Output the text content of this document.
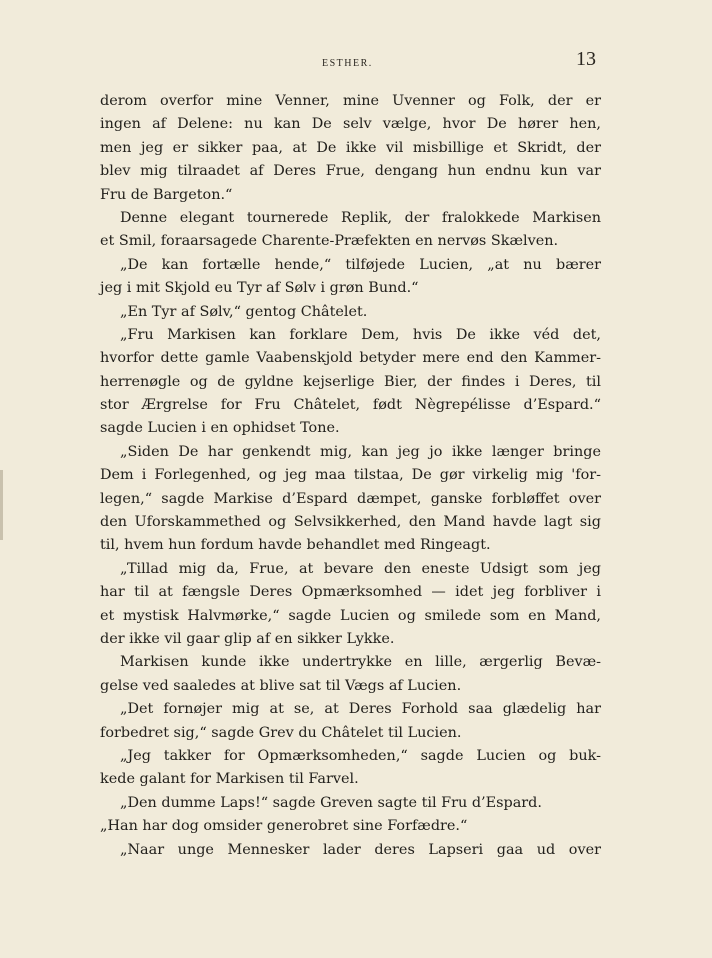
ESTHER.	13
derom overfor mine Venner, mine Uvenner og Folk, der er
ingen af Delene: nu kan De selv vælge, hvor De hører hen,
men jeg er sikker paa, at De ikke vil misbillige et Skridt, der
blev mig tilraadet af Deres Frue, dengang hun endnu kun var
Fru de Bargeton.“
Denne elegant tournerede Replik, der fralokkede Markisen
et Smil, foraarsagede Charente-Præfekten en nervøs Skælven.
„De kan fortælle hende,“ tilføjede Lucien, „at nu bærer
jeg i mit Skjold eu Tyr af Sølv i grøn Bund.“
„En Tyr af Sølv,“ gentog Châtelet.
„Fru Markisen kan forklare Dem, hvis De ikke véd det,
hvorfor dette gamle Vaabenskjold betyder mere end den Kammer-
herrenøgle og de gyldne kejserlige Bier, der findes i Deres, til
stor Ærgrelse for Fru Châtelet, født Nègrepélisse d’Espard.“
sagde Lucien i en ophidset Tone.
„Siden De har genkendt mig, kan jeg jo ikke længer bringe
Dem i Forlegenhed, og jeg maa tilstaa, De gør virkelig mig 'for-
legen,“ sagde Markise d’Espard dæmpet, ganske forbløffet over
den Uforskammethed og Selvsikkerhed, den Mand havde lagt sig
til, hvem hun fordum havde behandlet med Ringeagt.
„Tillad mig da, Frue, at bevare den eneste Udsigt som jeg
har til at fængsle Deres Opmærksomhed — idet jeg forbliver i
et mystisk Halvmørke,“ sagde Lucien og smilede som en Mand,
der ikke vil gaar glip af en sikker Lykke.
Markisen kunde ikke undertrykke en lille, ærgerlig Bevæ-
gelse ved saaledes at blive sat til Vægs af Lucien.
„Det fornøjer mig at se, at Deres Forhold saa glædelig har
forbedret sig,“ sagde Grev du Châtelet til Lucien.
„Jeg takker for Opmærksomheden,“ sagde Lucien og buk-
kede galant for Markisen til Farvel.
„Den dumme Laps!“ sagde Greven sagte til Fru d’Espard.
„Han har dog omsider generobret sine Forfædre.“
„Naar unge Mennesker lader deres Lapseri gaa ud over
